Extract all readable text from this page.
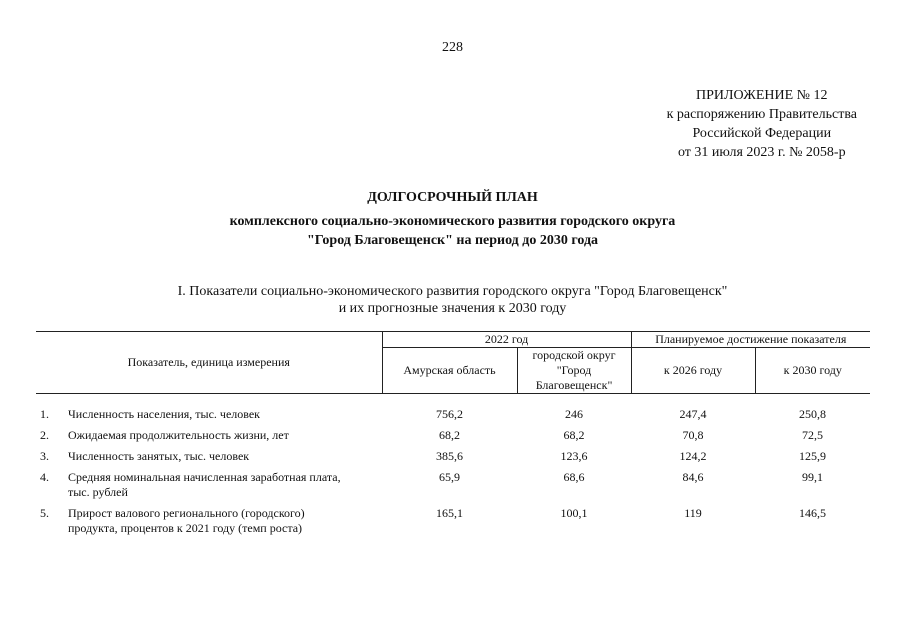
228
ПРИЛОЖЕНИЕ № 12
к распоряжению Правительства
Российской Федерации
от 31 июля 2023 г. № 2058-р
ДОЛГОСРОЧНЫЙ ПЛАН
комплексного социально-экономического развития городского округа
"Город Благовещенск" на период до 2030 года
I. Показатели социально-экономического развития городского округа "Город Благовещенск"
и их прогнозные значения к 2030 году
Показатель, единица измерения		2022 год		Планируемое достижение показателя	
		Амурская область	городской округ
"Город
Благовещенск"	к 2026 году	к 2030 году

1.	Численность населения, тыс. человек	756,2	246	247,4	250,8
2.	Ожидаемая продолжительность жизни, лет	68,2	68,2	70,8	72,5
3.	Численность занятых, тыс. человек	385,6	123,6	124,2	125,9
4.	Средняя номинальная начисленная заработная плата,
тыс. рублей	65,9	68,6	84,6	99,1
5.	Прирост валового регионального (городского)
продукта, процентов к 2021 году (темп роста)	165,1	100,1	119	146,5
